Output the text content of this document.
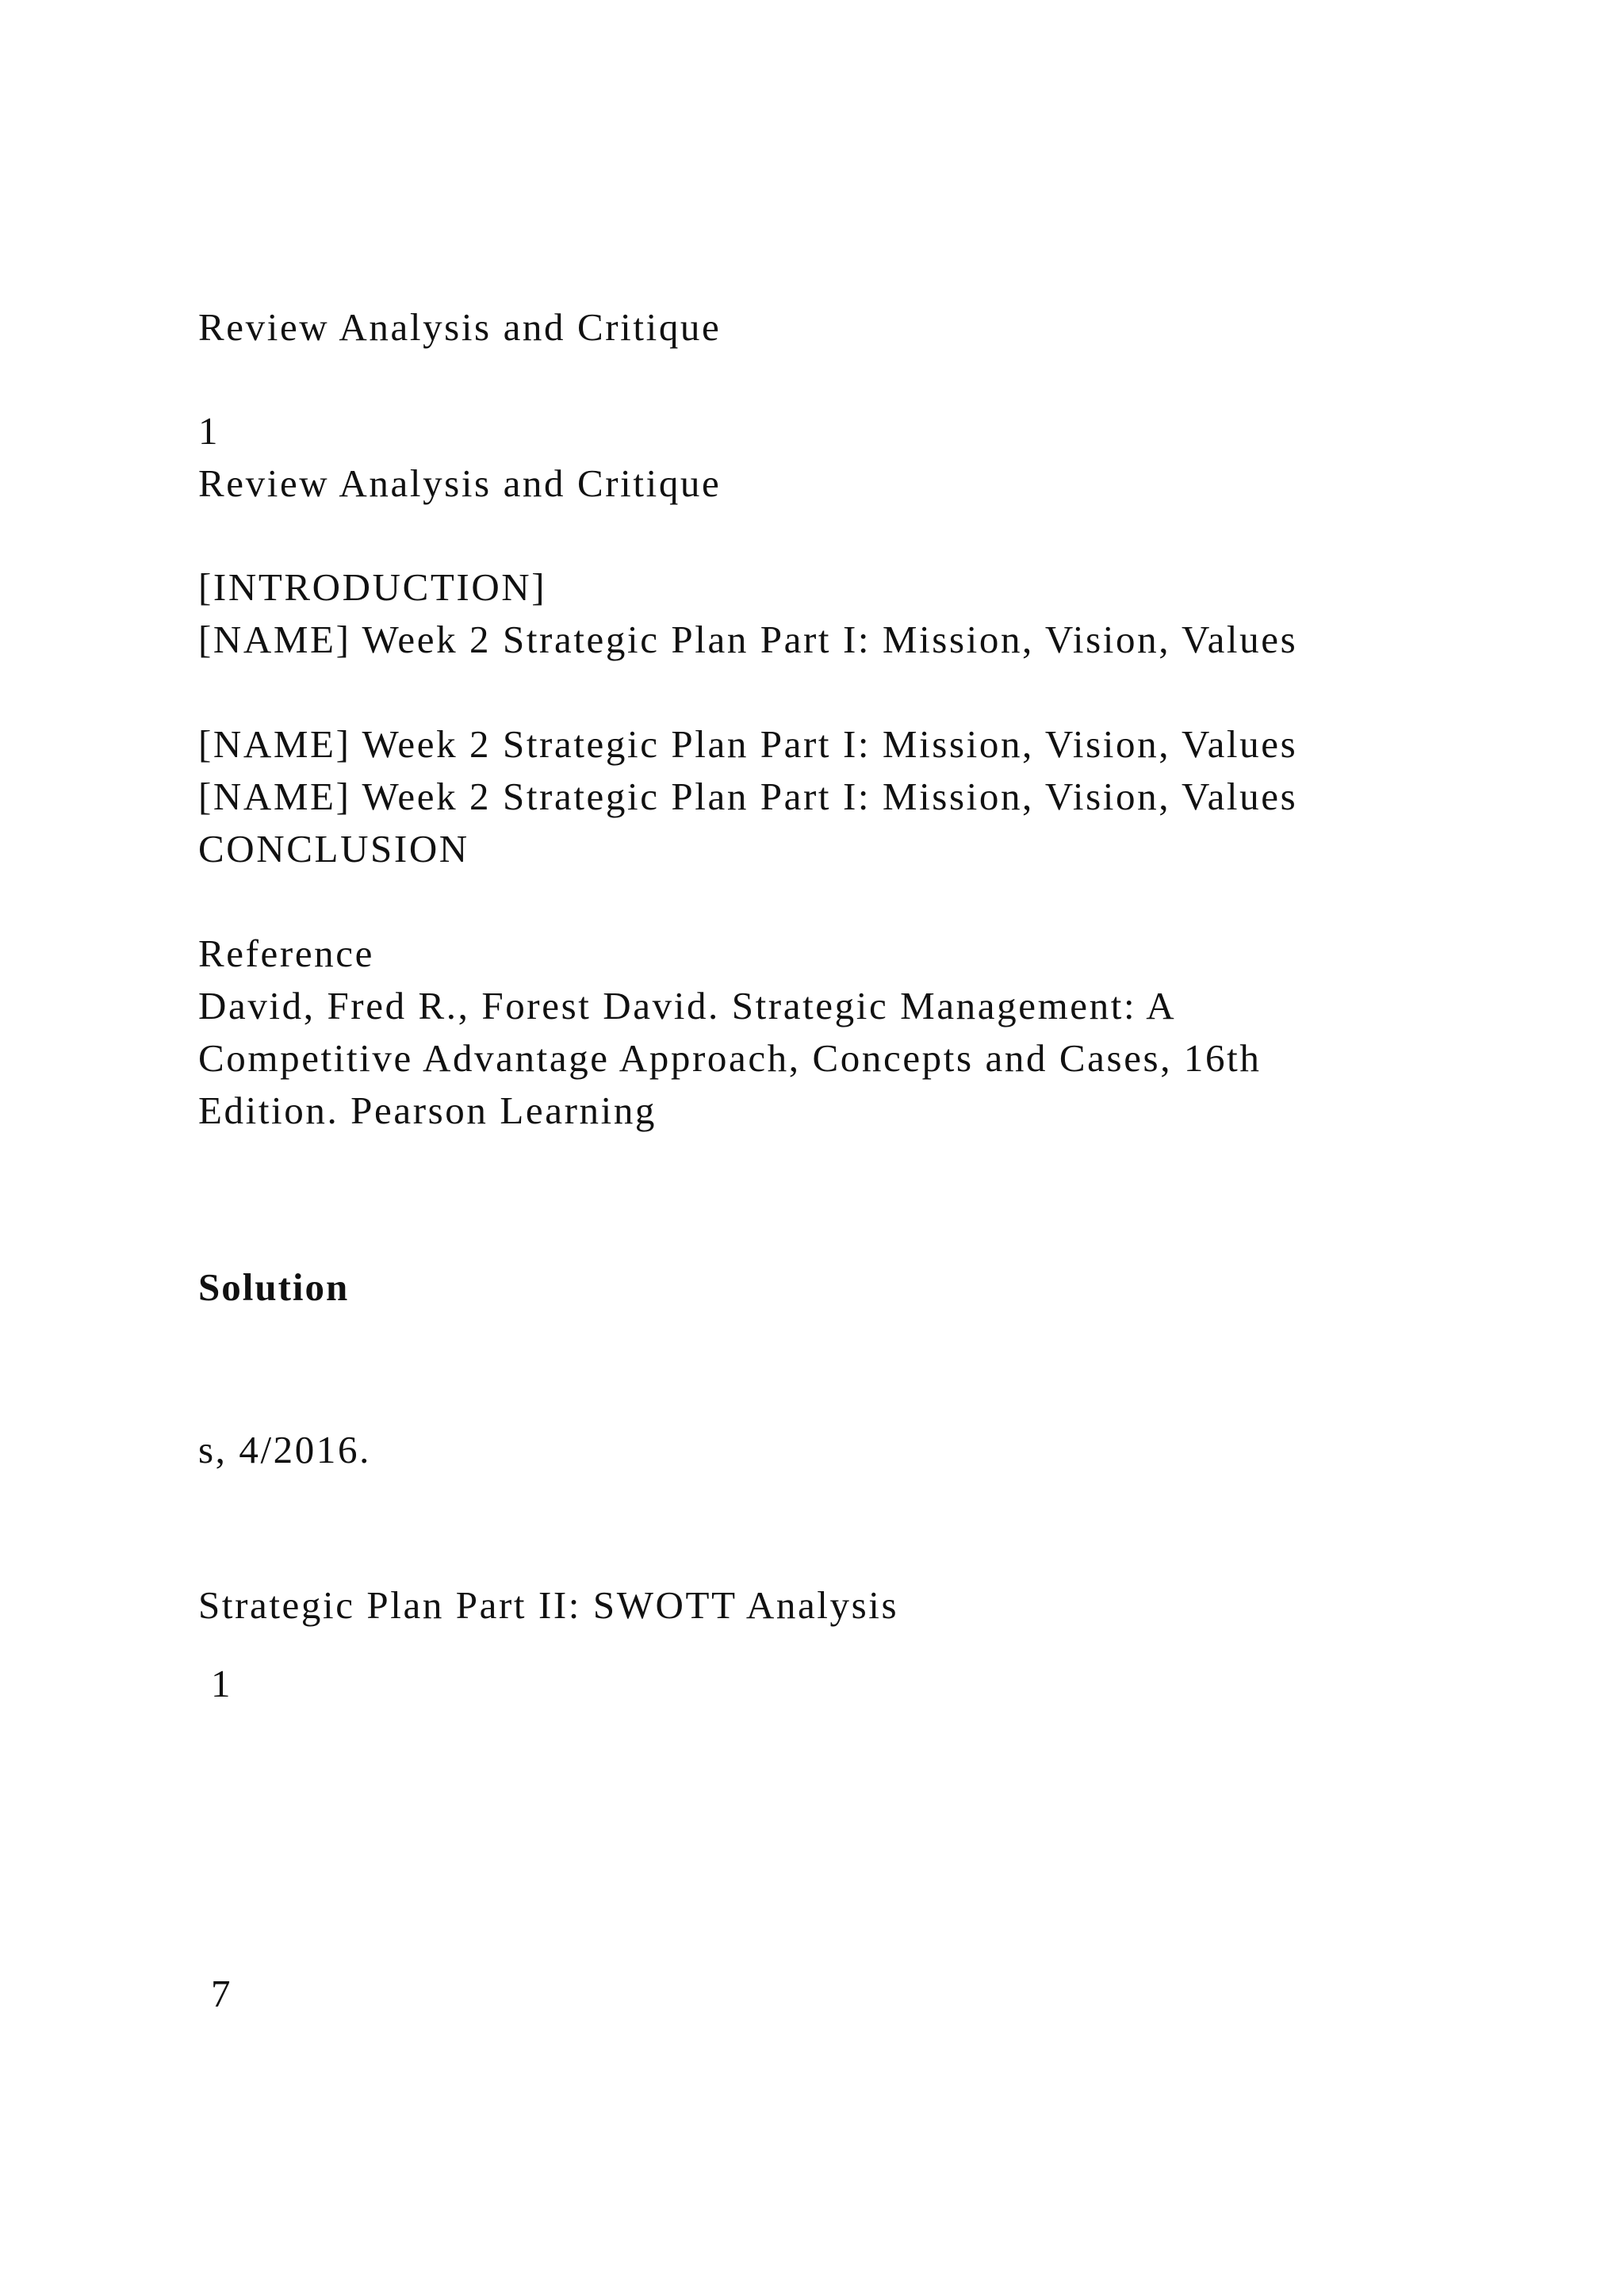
Review Analysis and Critique
1
Review Analysis and Critique
[INTRODUCTION]
[NAME] Week 2 Strategic Plan Part I: Mission, Vision, Values
[NAME] Week 2 Strategic Plan Part I: Mission, Vision, Values
[NAME] Week 2 Strategic Plan Part I: Mission, Vision, Values
CONCLUSION
Reference
David, Fred R., Forest David. Strategic Management: A
Competitive Advantage Approach, Concepts and Cases, 16th
Edition. Pearson Learning
Solution
s, 4/2016.
Strategic Plan Part II: SWOTT Analysis
1
7
